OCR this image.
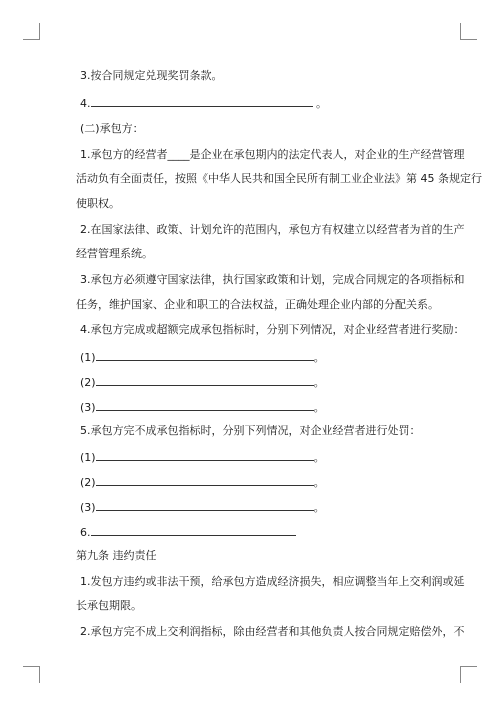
3.按合同规定兑现奖罚条款。
4.	。
(二)承包方：
1.承包方的经营者____是企业在承包期内的法定代表人，对企业的生产经营管理
活动负有全面责任，按照《中华人民共和国全民所有制工业企业法》第 45 条规定行
使职权。
2.在国家法律、政策、计划允许的范围内，承包方有权建立以经营者为首的生产
经营管理系统。
3.承包方必须遵守国家法律，执行国家政策和计划，完成合同规定的各项指标和
任务，维护国家、企业和职工的合法权益，正确处理企业内部的分配关系。
4.承包方完成或超额完成承包指标时，分别下列情况，对企业经营者进行奖励：
(1)	。
(2)	。
(3)	。
5.承包方完不成承包指标时，分别下列情况，对企业经营者进行处罚：
(1)	。
(2)	。
(3)	。
6.
第九条 违约责任
1.发包方违约或非法干预，给承包方造成经济损失，相应调整当年上交利润或延
长承包期限。
2.承包方完不成上交利润指标，除由经营者和其他负责人按合同规定赔偿外，不
